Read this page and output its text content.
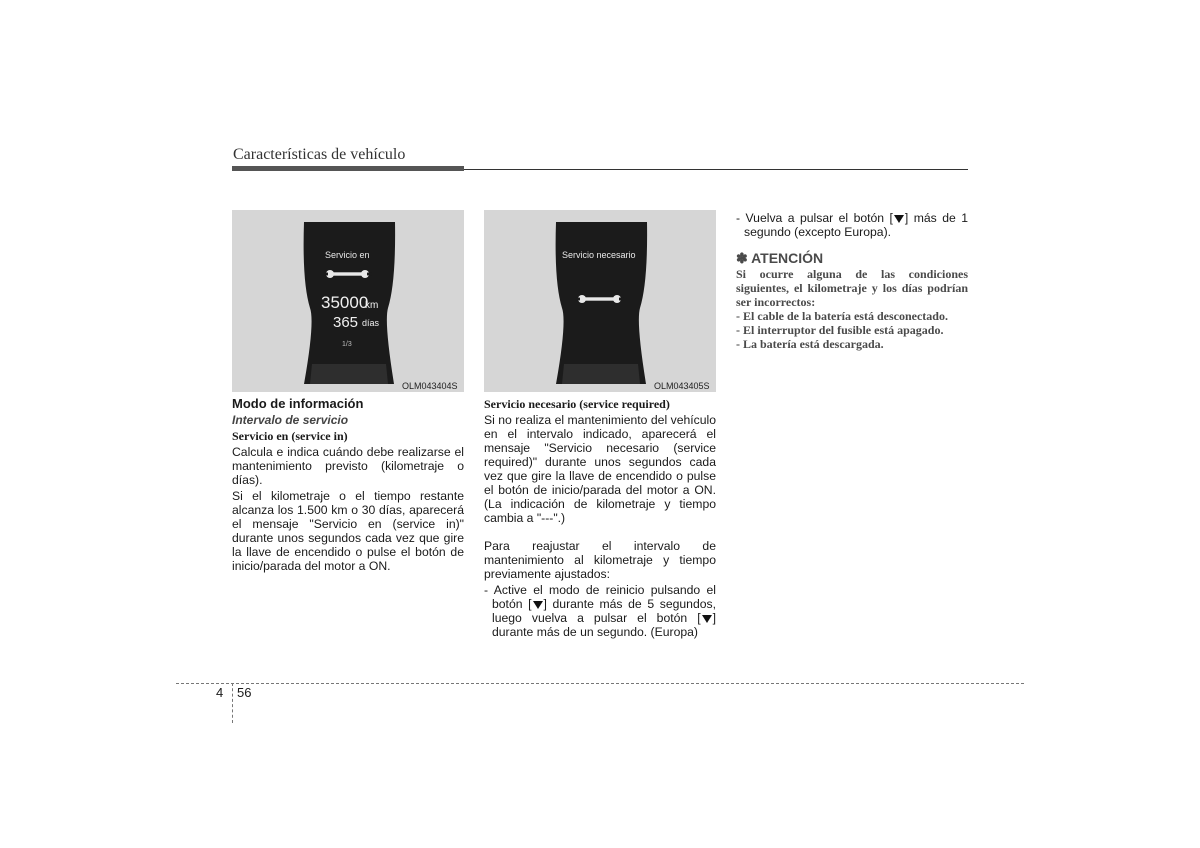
Características de vehículo
Servicio en
35000
km
365 días
1/3
OLM043404S
Servicio necesario
OLM043405S
Modo de información
Intervalo de servicio
Servicio en (service in)

Calcula e indica cuándo debe realizarse el mantenimiento previsto (kilometraje o días).

Si el kilometraje o el tiempo restante alcanza los 1.500 km o 30 días, aparecerá el mensaje "Servicio en (service in)" durante unos segundos cada vez que gire la llave de encendido o pulse el botón de inicio/parada del motor a ON.

Servicio necesario (service required)

Si no realiza el mantenimiento del vehículo en el intervalo indicado, aparecerá el mensaje "Servicio necesario (service required)" durante unos segundos cada vez que gire la llave de encendido o pulse el botón de inicio/parada del motor a ON. (La indicación de kilometraje y tiempo cambia a "---".)

Para reajustar el intervalo de mantenimiento al kilometraje y tiempo previamente ajustados:

- Active el modo de reinicio pulsando el botón [ ] durante más de 5 segundos, luego vuelva a pulsar el botón [ ] durante más de un segundo. (Europa)

- Vuelva a pulsar el botón [ ] más de 1 segundo (excepto Europa).

✽ ATENCIÓN

Si ocurre alguna de las condiciones siguientes, el kilometraje y los días podrían ser incorrectos:

- El cable de la batería está desconectado.

- El interruptor del fusible está apagado.

- La batería está descargada.

4 56
